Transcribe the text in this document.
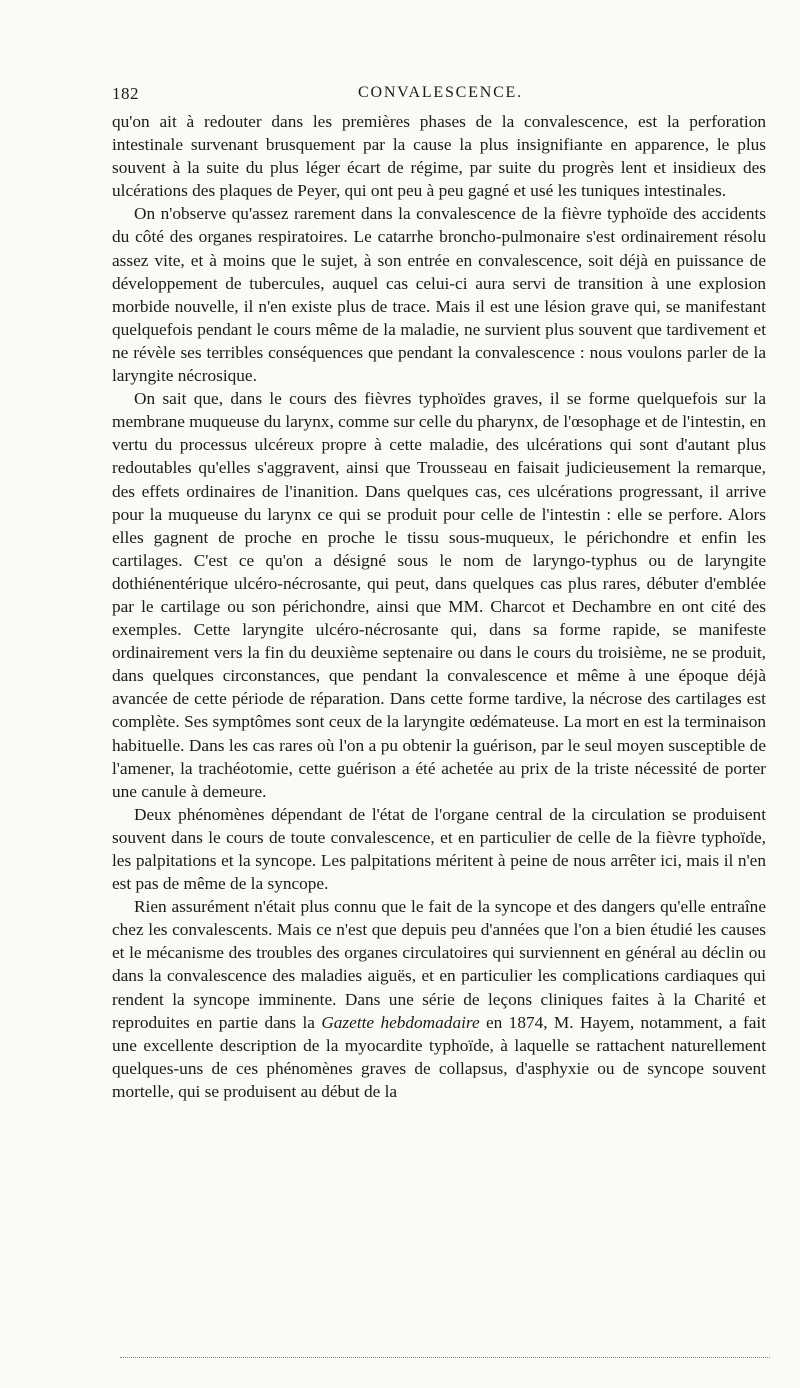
182	CONVALESCENCE.

qu'on ait à redouter dans les premières phases de la convalescence, est la perforation intestinale survenant brusquement par la cause la plus insignifiante en apparence, le plus souvent à la suite du plus léger écart de régime, par suite du progrès lent et insidieux des ulcérations des plaques de Peyer, qui ont peu à peu gagné et usé les tuniques intestinales.

On n'observe qu'assez rarement dans la convalescence de la fièvre typhoïde des accidents du côté des organes respiratoires. Le catarrhe broncho-pulmonaire s'est ordinairement résolu assez vite, et à moins que le sujet, à son entrée en convalescence, soit déjà en puissance de développement de tubercules, auquel cas celui-ci aura servi de transition à une explosion morbide nouvelle, il n'en existe plus de trace. Mais il est une lésion grave qui, se manifestant quelquefois pendant le cours même de la maladie, ne survient plus souvent que tardivement et ne révèle ses terribles conséquences que pendant la convalescence : nous voulons parler de la laryngite nécrosique.

On sait que, dans le cours des fièvres typhoïdes graves, il se forme quelquefois sur la membrane muqueuse du larynx, comme sur celle du pharynx, de l'œsophage et de l'intestin, en vertu du processus ulcéreux propre à cette maladie, des ulcérations qui sont d'autant plus redoutables qu'elles s'aggravent, ainsi que Trousseau en faisait judicieusement la remarque, des effets ordinaires de l'inanition. Dans quelques cas, ces ulcérations progressant, il arrive pour la muqueuse du larynx ce qui se produit pour celle de l'intestin : elle se perfore. Alors elles gagnent de proche en proche le tissu sous-muqueux, le périchondre et enfin les cartilages. C'est ce qu'on a désigné sous le nom de laryngo-typhus ou de laryngite dothiénentérique ulcéro-nécrosante, qui peut, dans quelques cas plus rares, débuter d'emblée par le cartilage ou son périchondre, ainsi que MM. Charcot et Dechambre en ont cité des exemples. Cette laryngite ulcéro-nécrosante qui, dans sa forme rapide, se manifeste ordinairement vers la fin du deuxième septenaire ou dans le cours du troisième, ne se produit, dans quelques circonstances, que pendant la convalescence et même à une époque déjà avancée de cette période de réparation. Dans cette forme tardive, la nécrose des cartilages est complète. Ses symptômes sont ceux de la laryngite œdémateuse. La mort en est la terminaison habituelle. Dans les cas rares où l'on a pu obtenir la guérison, par le seul moyen susceptible de l'amener, la trachéotomie, cette guérison a été achetée au prix de la triste nécessité de porter une canule à demeure.

Deux phénomènes dépendant de l'état de l'organe central de la circulation se produisent souvent dans le cours de toute convalescence, et en particulier de celle de la fièvre typhoïde, les palpitations et la syncope. Les palpitations méritent à peine de nous arrêter ici, mais il n'en est pas de même de la syncope.

Rien assurément n'était plus connu que le fait de la syncope et des dangers qu'elle entraîne chez les convalescents. Mais ce n'est que depuis peu d'années que l'on a bien étudié les causes et le mécanisme des troubles des organes circulatoires qui surviennent en général au déclin ou dans la convalescence des maladies aiguës, et en particulier les complications cardiaques qui rendent la syncope imminente. Dans une série de leçons cliniques faites à la Charité et reproduites en partie dans la Gazette hebdomadaire en 1874, M. Hayem, notamment, a fait une excellente description de la myocardite typhoïde, à laquelle se rattachent naturellement quelques-uns de ces phénomènes graves de collapsus, d'asphyxie ou de syncope souvent mortelle, qui se produisent au début de la
